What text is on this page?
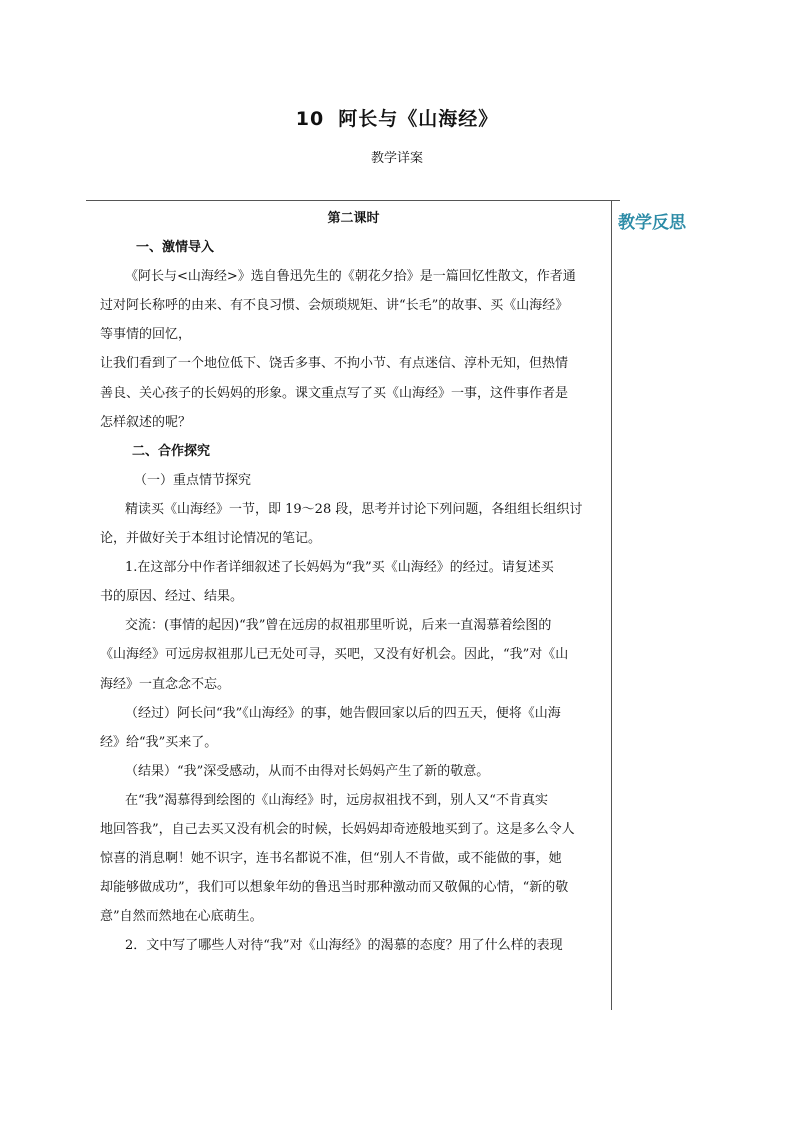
10 阿长与《山海经》
教学详案
教学反思

第二课时

一、激情导入

《阿长与<山海经>》选自鲁迅先生的《朝花夕拾》是一篇回忆性散文，作者通

过对阿长称呼的由来、有不良习惯、会烦琐规矩、讲“长毛”的故事、买《山海经》

等事情的回忆，

让我们看到了一个地位低下、饶舌多事、不拘小节、有点迷信、淳朴无知，但热情

善良、关心孩子的长妈妈的形象。课文重点写了买《山海经》一事，这件事作者是

怎样叙述的呢？

二、合作探究

（一）重点情节探究

精读买《山海经》一节，即 19～28 段，思考并讨论下列问题，各组组长组织讨

论，并做好关于本组讨论情况的笔记。

1.在这部分中作者详细叙述了长妈妈为“我”买《山海经》的经过。请复述买

书的原因、经过、结果。

交流：(事情的起因)“我”曾在远房的叔祖那里听说，后来一直渴慕着绘图的

《山海经》可远房叔祖那儿已无处可寻，买吧，又没有好机会。因此，“我”对《山

海经》一直念念不忘。

（经过）阿长问“我”《山海经》的事，她告假回家以后的四五天，便将《山海

经》给“我”买来了。

（结果）“我”深受感动，从而不由得对长妈妈产生了新的敬意。

在“我”渴慕得到绘图的《山海经》时，远房叔祖找不到，别人又“不肯真实

地回答我”，自己去买又没有机会的时候，长妈妈却奇迹般地买到了。这是多么令人

惊喜的消息啊！她不识字，连书名都说不准，但“别人不肯做，或不能做的事，她

却能够做成功”，我们可以想象年幼的鲁迅当时那种激动而又敬佩的心情，“新的敬

意”自然而然地在心底萌生。

2．文中写了哪些人对待“我”对《山海经》的渴慕的态度？用了什么样的表现
